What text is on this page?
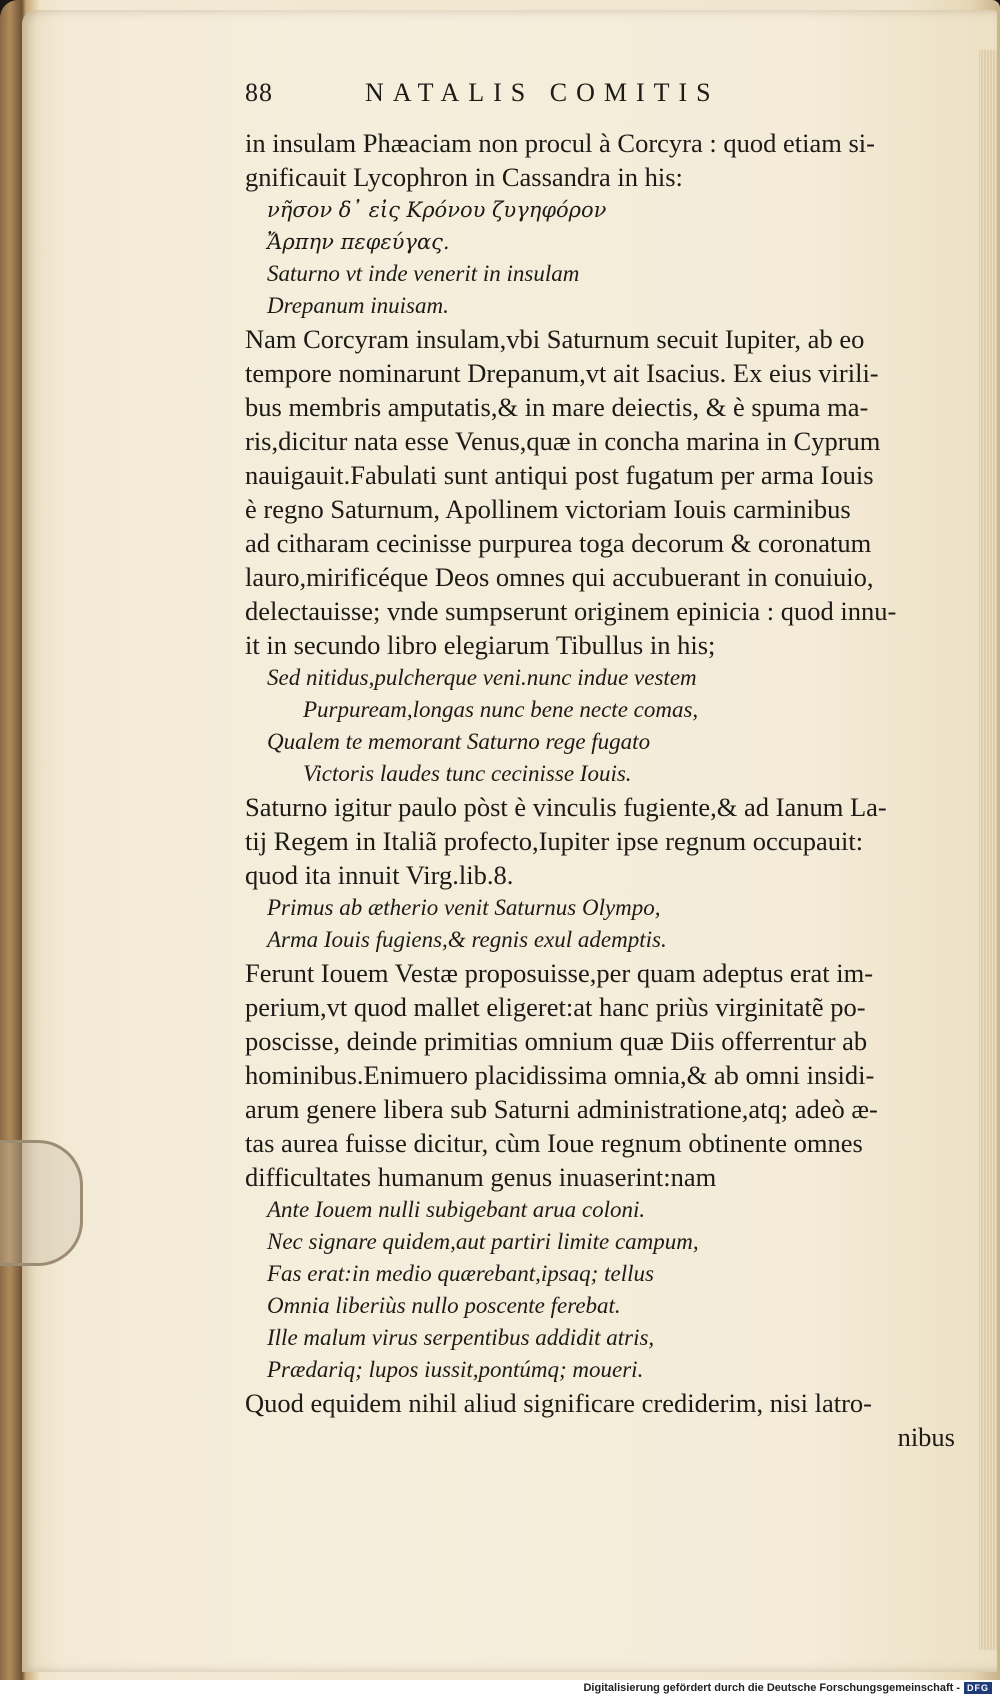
88	NATALIS COMITIS
in insulam Phæaciam non procul à Corcyra : quod etiam si-
gnificauit Lycophron in Cassandra in his:
νῆσον δ᾽ εἰς Κρόνου ζυγηφόρον
Ἄρπην πεφεύγας.
Saturno vt inde venerit in insulam
Drepanum inuisam.
Nam Corcyram insulam,vbi Saturnum secuit Iupiter, ab eo
tempore nominarunt Drepanum,vt ait Isacius. Ex eius virili-
bus membris amputatis,& in mare deiectis, & è spuma ma-
ris,dicitur nata esse Venus,quæ in concha marina in Cyprum
nauigauit.Fabulati sunt antiqui post fugatum per arma Iouis
è regno Saturnum, Apollinem victoriam Iouis carminibus
ad citharam cecinisse purpurea toga decorum & coronatum
lauro,mirificéque Deos omnes qui accubuerant in conuiuio,
delectauisse; vnde sumpserunt originem epinicia : quod innu-
it in secundo libro elegiarum Tibullus in his;
Sed nitidus,pulcherque veni.nunc indue vestem
Purpuream,longas nunc bene necte comas,
Qualem te memorant Saturno rege fugato
Victoris laudes tunc cecinisse Iouis.
Saturno igitur paulo pòst è vinculis fugiente,& ad Ianum La-
tij Regem in Italiã profecto,Iupiter ipse regnum occupauit:
quod ita innuit Virg.lib.8.
Primus ab ætherio venit Saturnus Olympo,
Arma Iouis fugiens,& regnis exul ademptis.
Ferunt Iouem Vestæ proposuisse,per quam adeptus erat im-
perium,vt quod mallet eligeret:at hanc priùs virginitatẽ po-
poscisse, deinde primitias omnium quæ Diis offerrentur ab
hominibus.Enimuero placidissima omnia,& ab omni insidi-
arum genere libera sub Saturni administratione,atq; adeò æ-
tas aurea fuisse dicitur, cùm Ioue regnum obtinente omnes
difficultates humanum genus inuaserint:nam
Ante Iouem nulli subigebant arua coloni.
Nec signare quidem,aut partiri limite campum,
Fas erat:in medio quærebant,ipsaq; tellus
Omnia liberiùs nullo poscente ferebat.
Ille malum virus serpentibus addidit atris,
Prædariq; lupos iussit,pontúmq; moueri.
Quod equidem nihil aliud significare crediderim, nisi latro-
nibus
Digitalisierung gefördert durch die Deutsche Forschungsgemeinschaft - DFG
